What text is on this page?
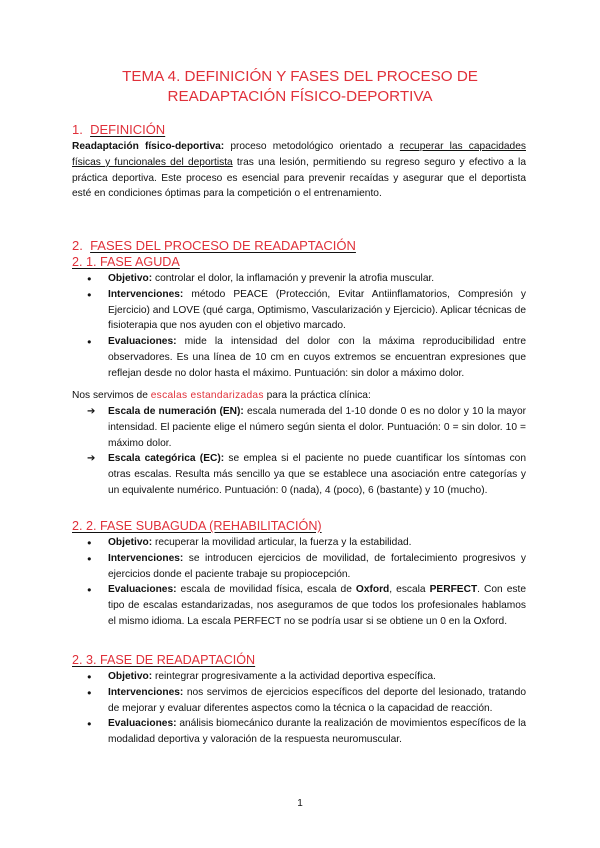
TEMA 4. DEFINICIÓN Y FASES DEL PROCESO DE
READAPTACIÓN FÍSICO-DEPORTIVA
1. DEFINICIÓN

Readaptación físico-deportiva: proceso metodológico orientado a recuperar las capacidades físicas y funcionales del deportista tras una lesión, permitiendo su regreso seguro y efectivo a la práctica deportiva. Este proceso es esencial para prevenir recaídas y asegurar que el deportista esté en condiciones óptimas para la competición o el entrenamiento.

2. FASES DEL PROCESO DE READAPTACIÓN
2. 1. FASE AGUDA
● Objetivo: controlar el dolor, la inflamación y prevenir la atrofia muscular.
● Intervenciones: método PEACE (Protección, Evitar Antiinflamatorios, Compresión y Ejercicio) and LOVE (qué carga, Optimismo, Vascularización y Ejercicio). Aplicar técnicas de fisioterapia que nos ayuden con el objetivo marcado.
● Evaluaciones: mide la intensidad del dolor con la máxima reproducibilidad entre observadores. Es una línea de 10 cm en cuyos extremos se encuentran expresiones que reflejan desde no dolor hasta el máximo. Puntuación: sin dolor a máximo dolor.

Nos servimos de escalas estandarizadas para la práctica clínica:

➔ Escala de numeración (EN): escala numerada del 1-10 donde 0 es no dolor y 10 la mayor intensidad. El paciente elige el número según sienta el dolor. Puntuación: 0 = sin dolor. 10 = máximo dolor.
➔ Escala categórica (EC): se emplea si el paciente no puede cuantificar los síntomas con otras escalas. Resulta más sencillo ya que se establece una asociación entre categorías y un equivalente numérico. Puntuación: 0 (nada), 4 (poco), 6 (bastante) y 10 (mucho).
2. 2. FASE SUBAGUDA (REHABILITACIÓN)
● Objetivo: recuperar la movilidad articular, la fuerza y la estabilidad.
● Intervenciones: se introducen ejercicios de movilidad, de fortalecimiento progresivos y ejercicios donde el paciente trabaje su propiocepción.
● Evaluaciones: escala de movilidad física, escala de Oxford, escala PERFECT. Con este tipo de escalas estandarizadas, nos aseguramos de que todos los profesionales hablamos el mismo idioma. La escala PERFECT no se podría usar si se obtiene un 0 en la Oxford.
2. 3. FASE DE READAPTACIÓN
● Objetivo: reintegrar progresivamente a la actividad deportiva específica.
● Intervenciones: nos servimos de ejercicios específicos del deporte del lesionado, tratando de mejorar y evaluar diferentes aspectos como la técnica o la capacidad de reacción.
● Evaluaciones: análisis biomecánico durante la realización de movimientos específicos de la modalidad deportiva y valoración de la respuesta neuromuscular.
1
